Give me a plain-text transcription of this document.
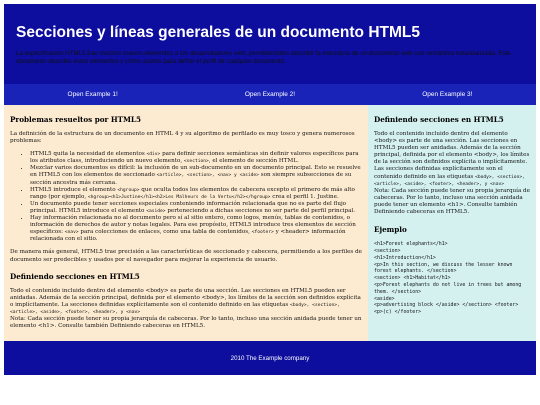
Secciones y líneas generales de un documento HTML5

La especificación HTML5 trae muchos nuevos elementos a los desarrolladores web, permitiéndoles describir la estructura de un documento web con semántica estandarizada. Este documento describe estos elementos y cómo usarlos para definir el perfil de cualquier documento.

Open Example 1!	Open Example 2!	Open Example 3!
Problemas resueltos por HTML5

La definición de la estructura de un documento en HTML 4 y su algoritmo de perfilado es muy tosco y genera numerosos problemas:

• HTML5 quita la necesidad de elementos <div> para definir secciones semánticas sin definir valores específicos para los atributos class, introduciendo un nuevo elemento, <section>, el elemento de sección HTML.
• Mezclar varios documentos es difícil: la inclusión de un sub-documento en un documento principal. Esto se resuelve en HTML5 con los elementos de seccionado <article>, <section>, <nav> y <aside> son siempre subsecciones de su sección ancestra más cercana.
• HTML5 introduce el elemento <hgroup> que oculta todos los elementos de cabecera excepto el primero de más alto rango (por ejemplo, <hgroup><h1>Justine</h1><h2>Les Malheurs de la Vertu</h2></hgroup> crea el perfil 1. Justine.
• Un documento puede tener secciones especiales conteniendo información relacionada que no es parte del flujo principal. HTML5 introduce el elemento <aside> perteneciendo a dichas secciones no ser parte del perfil principal.
• Hay información relacionada no al documento pero sí al sitio entero, como logos, menús, tablas de contenidos, o información de derechos de autor y notas legales. Para ese propósito, HTML5 introduce tres elementos de sección específicos: <nav> para colecciones de enlaces, como una tabla de contenidos, <footer> y <header> información relacionada con el sitio.

De manera más general, HTML5 trae precisión a las características de seccionado y cabecera, permitiendo a los perfiles de documento ser predecibles y usados por el navegador para mejorar la experiencia de usuario.

Definiendo secciones en HTML5

Todo el contenido incluido dentro del elemento <body> es parte de una sección. Las secciones en HTML5 pueden ser anidadas. Además de la sección principal, definida por el elemento <body>, los límites de la sección son definidos explícita o implícitamente. La secciones definidas explícitamente son el contenido definido en las etiquetas <body>, <section>, <article>, <aside>, <footer>, <header>, y <nav>

Nota: Cada sección puede tener su propia jerarquía de cabeceras. Por lo tanto, incluso una sección anidada puede tener un elemento <h1>. Consulte también Definiendo cabeceras en HTML5.

Definiendo secciones en HTML5

Todo el contenido incluido dentro del elemento <body> es parte de una sección. Las secciones en HTML5 pueden ser anidadas. Además de la sección principal, definida por el elemento <body>, los límites de la sección son definidos explícita o implícitamente. Las secciones definidas explícitamente son el contenido definido en las etiquetas <body>, <section>, <article>, <aside>, <footer>, <header>, y <nav>

Nota: Cada sección puede tener su propia jerarquía de cabeceras. Por lo tanto, incluso una sección anidada puede tener un elemento <h1>. Consulte también Definiendo cabeceras en HTML5.

Ejemplo
<h1>Forest elephants</h1>
<section>
<h1>Introduction</h1>
<p>In this section, we discuss the lesser known forest elephants. </section>
<section> <h1>Habitat</h1>
<p>Forest elephants do not live in trees but among them. </section>
<aside>
<p>advertising block </aside> </section> <footer>
<p>(c) </footer>
2010 The Example company
